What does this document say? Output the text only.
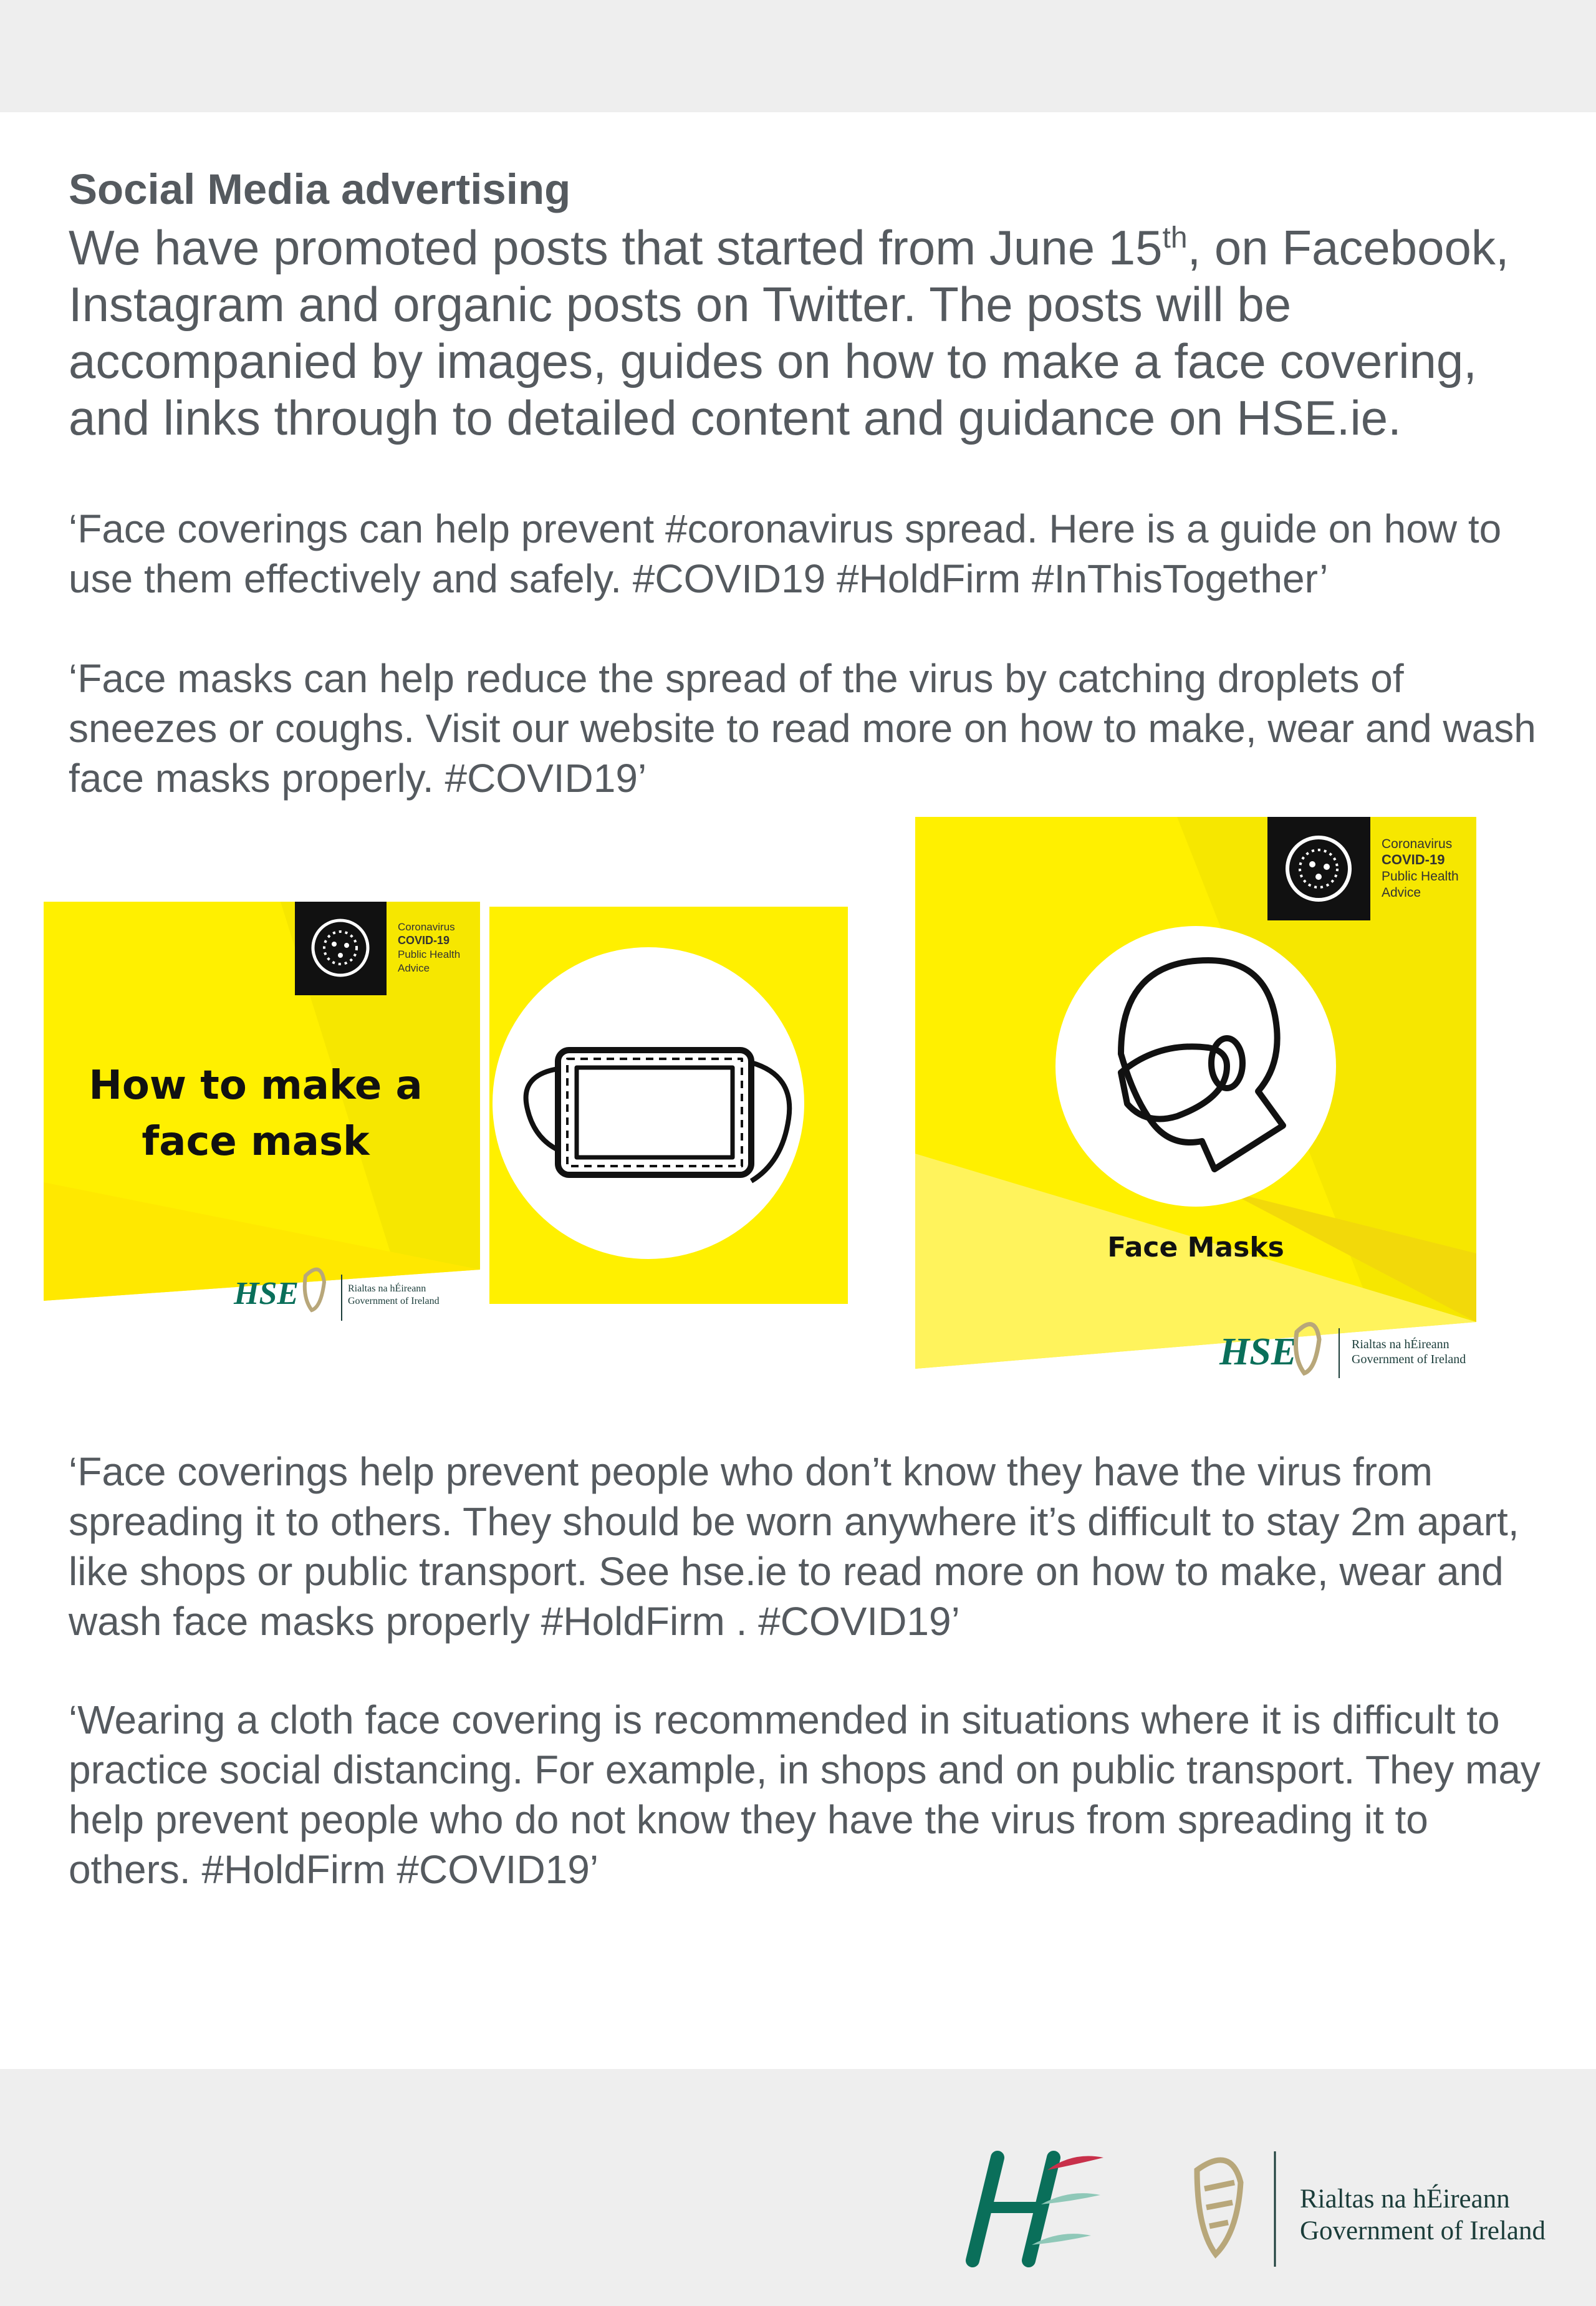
Social Media advertising

We have promoted posts that started from June 15th, on Facebook, Instagram and organic posts on Twitter. The posts will be accompanied by images, guides on how to make a face covering, and links through to detailed content and guidance on HSE.ie.

‘Face coverings can help prevent #coronavirus spread. Here is a guide on how to use them effectively and safely. #COVID19 #HoldFirm #InThisTogether’

‘Face masks can help reduce the spread of the virus by catching droplets of sneezes or coughs. Visit our website to read more on how to make, wear and wash face masks properly. #COVID19’

Coronavirus
COVID-19
Public Health
Advice
How to make a
face mask
HSE	Rialtas na hÉireann
Government of Ireland
Coronavirus
COVID-19
Public Health
Advice
Face Masks
HSE	Rialtas na hÉireann
Government of Ireland

‘Face coverings help prevent people who don’t know they have the virus from spreading it to others. They should be worn anywhere it’s difficult to stay 2m apart, like shops or public transport. See hse.ie to read more on how to make, wear and wash face masks properly #HoldFirm . #COVID19’

‘Wearing a cloth face covering is recommended in situations where it is difficult to practice social distancing. For example, in shops and on public transport. They may help prevent people who do not know they have the virus from spreading it to others. #HoldFirm #COVID19’

HSE
Rialtas na hÉireann
Government of Ireland
